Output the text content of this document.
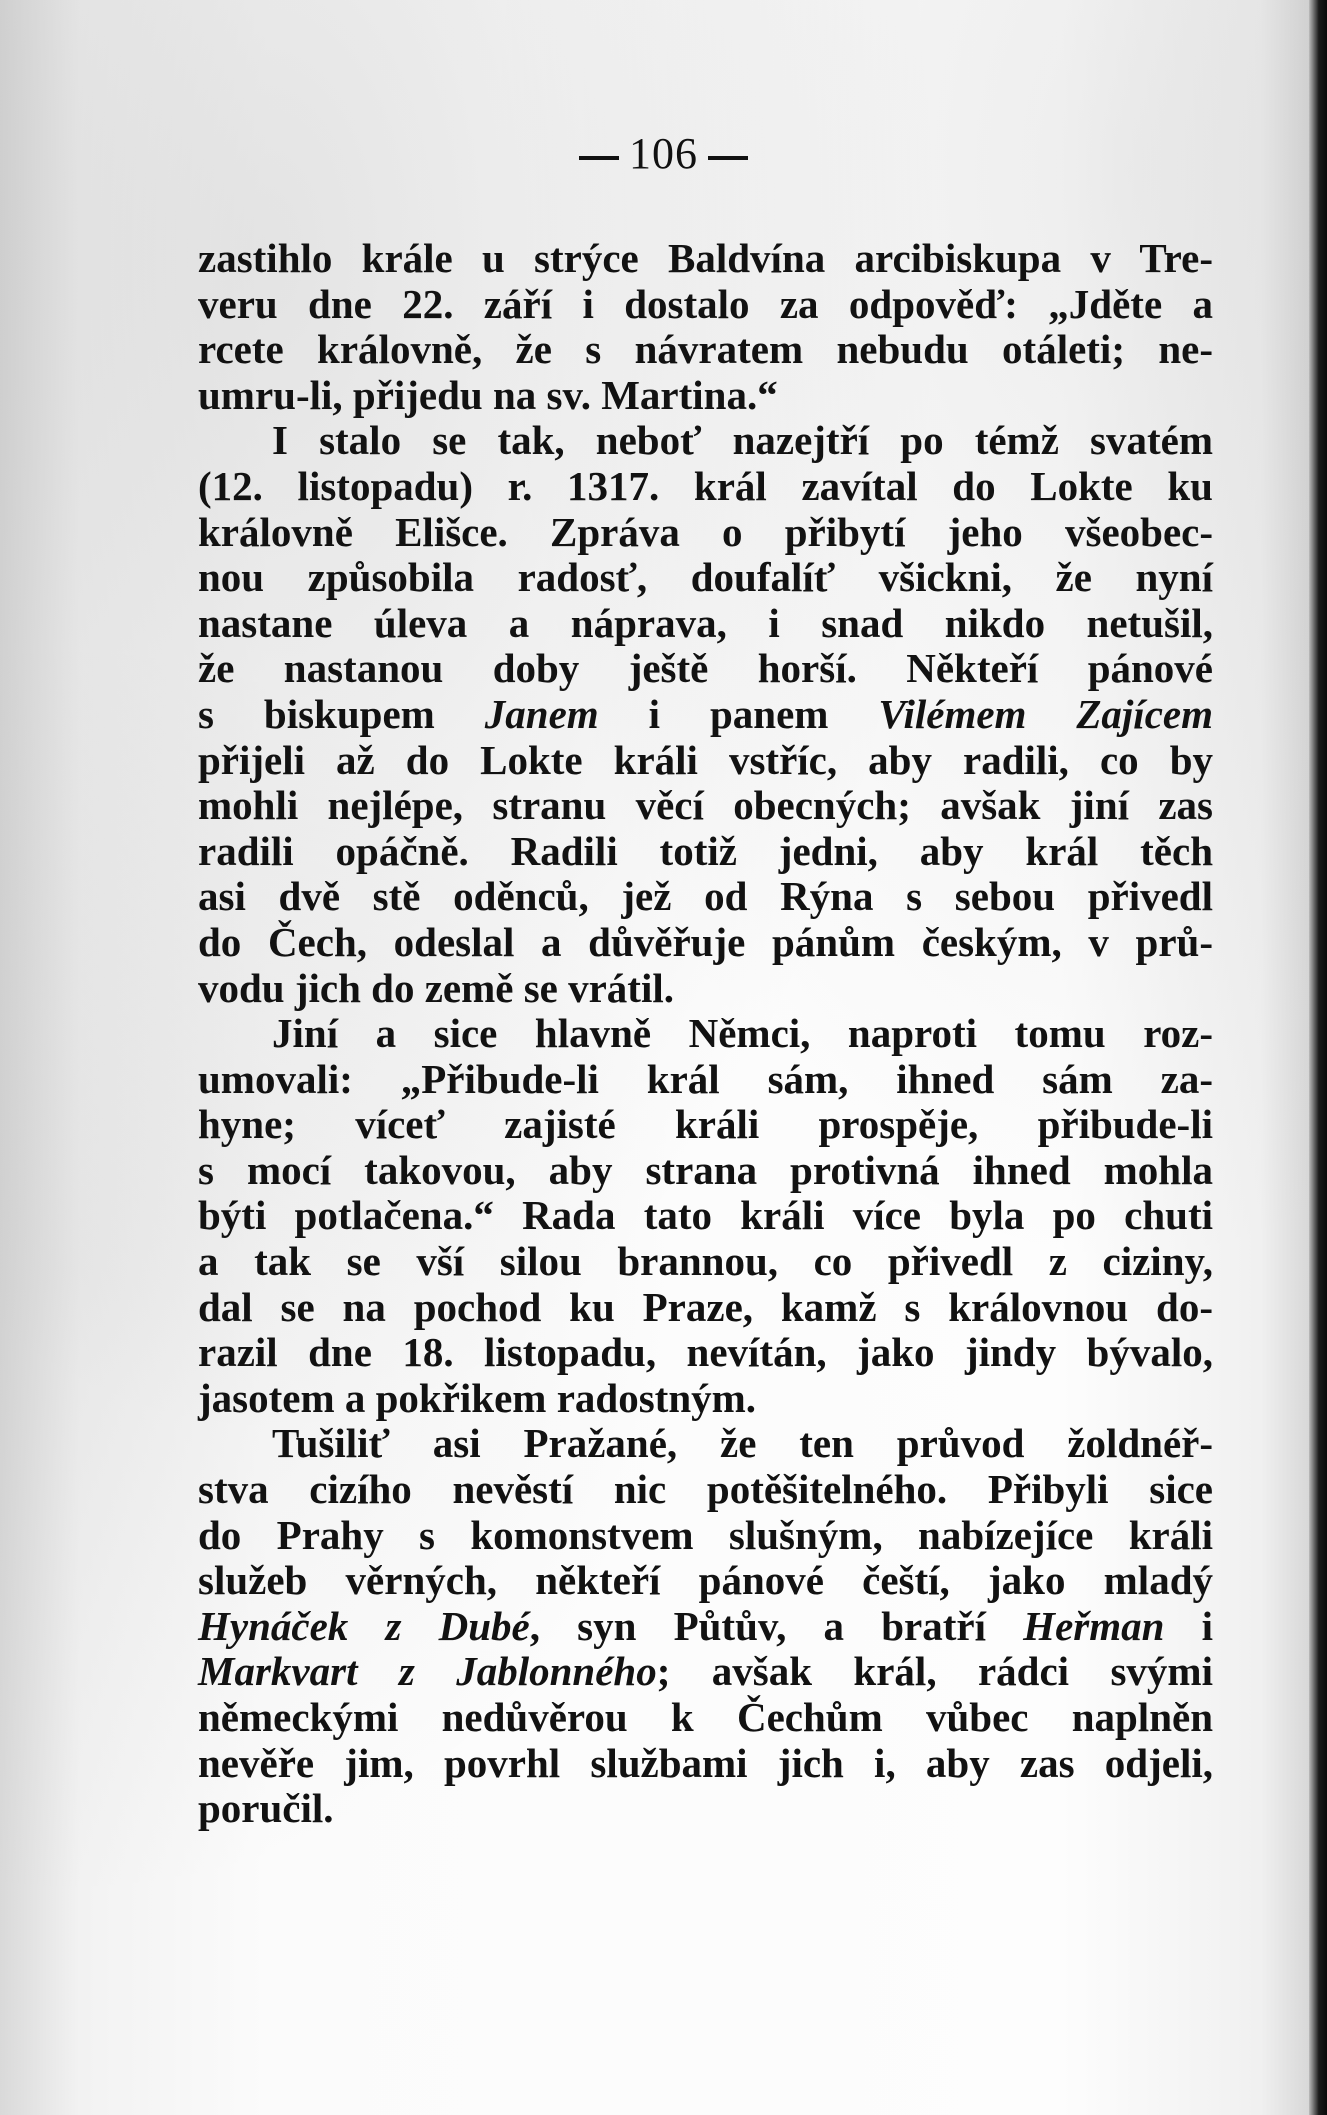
106
zastihlo krále u strýce Baldvína arcibiskupa v Tre-
veru dne 22. září i dostalo za odpověď: „Jděte a
rcete královně, že s návratem nebudu otáleti; ne-
umru-li, přijedu na sv. Martina.“
I stalo se tak, neboť nazejtří po témž svatém
(12. listopadu) r. 1317. král zavítal do Lokte ku
královně Elišce. Zpráva o přibytí jeho všeobec-
nou způsobila radosť, doufalíť všickni, že nyní
nastane úleva a náprava, i snad nikdo netušil,
že nastanou doby ještě horší. Někteří pánové
s biskupem Janem i panem Vilémem Zajícem
přijeli až do Lokte králi vstříc, aby radili, co by
mohli nejlépe, stranu věcí obecných; avšak jiní zas
radili opáčně. Radili totiž jedni, aby král těch
asi dvě stě oděnců, jež od Rýna s sebou přivedl
do Čech, odeslal a důvěřuje pánům českým, v prů-
vodu jich do země se vrátil.
Jiní a sice hlavně Němci, naproti tomu roz-
umovali: „Přibude-li král sám, ihned sám za-
hyne; víceť zajisté králi prospěje, přibude-li
s mocí takovou, aby strana protivná ihned mohla
býti potlačena.“ Rada tato králi více byla po chuti
a tak se vší silou brannou, co přivedl z ciziny,
dal se na pochod ku Praze, kamž s královnou do-
razil dne 18. listopadu, nevítán, jako jindy bývalo,
jasotem a pokřikem radostným.
Tušiliť asi Pražané, že ten průvod žoldnéř-
stva cizího nevěstí nic potěšitelného. Přibyli sice
do Prahy s komonstvem slušným, nabízejíce králi
služeb věrných, někteří pánové čeští, jako mladý
Hynáček z Dubé, syn Půtův, a bratří Heřman i
Markvart z Jablonného; avšak král, rádci svými
německými nedůvěrou k Čechům vůbec naplněn
nevěře jim, povrhl službami jich i, aby zas odjeli,
poručil.
